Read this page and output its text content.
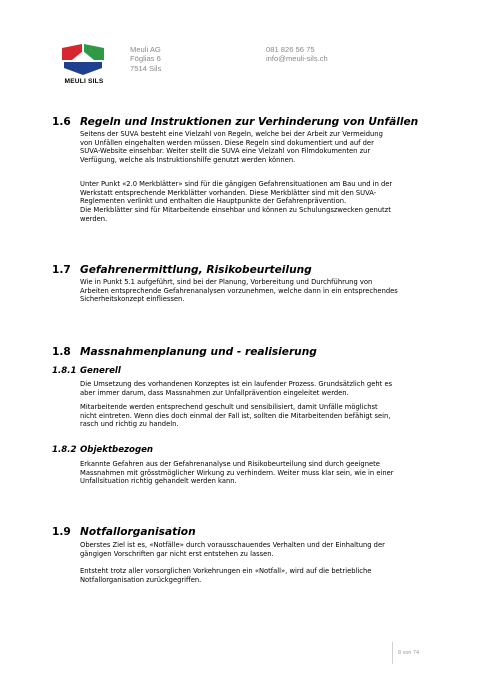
MEULI SILS
Meuli AG
Föglias 6
7514 Sils
081 826 56 75
info@meuli-sils.ch
1.6 Regeln und Instruktionen zur Verhinderung von Unfällen
Seitens der SUVA besteht eine Vielzahl von Regeln, welche bei der Arbeit zur Vermeidung
von Unfällen eingehalten werden müssen. Diese Regeln sind dokumentiert und auf der
SUVA-Website einsehbar. Weiter stellt die SUVA eine Vielzahl von Filmdokumenten zur
Verfügung, welche als Instruktionshilfe genutzt werden können.
Unter Punkt «2.0 Merkblätter» sind für die gängigen Gefahrensituationen am Bau und in der
Werkstatt entsprechende Merkblätter vorhanden. Diese Merkblätter sind mit den SUVA-
Reglementen verlinkt und enthalten die Hauptpunkte der Gefahrenprävention.
Die Merkblätter sind für Mitarbeitende einsehbar und können zu Schulungszwecken genutzt
werden.
1.7 Gefahrenermittlung, Risikobeurteilung
Wie in Punkt 5.1 aufgeführt, sind bei der Planung, Vorbereitung und Durchführung von
Arbeiten entsprechende Gefahrenanalysen vorzunehmen, welche dann in ein entsprechendes
Sicherheitskonzept einfliessen.
1.8 Massnahmenplanung und - realisierung
1.8.1 Generell
Die Umsetzung des vorhandenen Konzeptes ist ein laufender Prozess. Grundsätzlich geht es
aber immer darum, dass Massnahmen zur Unfallprävention eingeleitet werden.
Mitarbeitende werden entsprechend geschult und sensibilisiert, damit Unfälle möglichst
nicht eintreten. Wenn dies doch einmal der Fall ist, sollten die Mitarbeitenden befähigt sein,
rasch und richtig zu handeln.
1.8.2 Objektbezogen
Erkannte Gefahren aus der Gefahrenanalyse und Risikobeurteilung sind durch geeignete
Massnahmen mit grösstmöglicher Wirkung zu verhindern. Weiter muss klar sein, wie in einer
Unfallsituation richtig gehandelt werden kann.
1.9 Notfallorganisation
Oberstes Ziel ist es, «Notfälle» durch vorausschauendes Verhalten und der Einhaltung der
gängigen Vorschriften gar nicht erst entstehen zu lassen.
Entsteht trotz aller vorsorglichen Vorkehrungen ein «Notfall», wird auf die betriebliche
Notfallorganisation zurückgegriffen.
8 von 74
